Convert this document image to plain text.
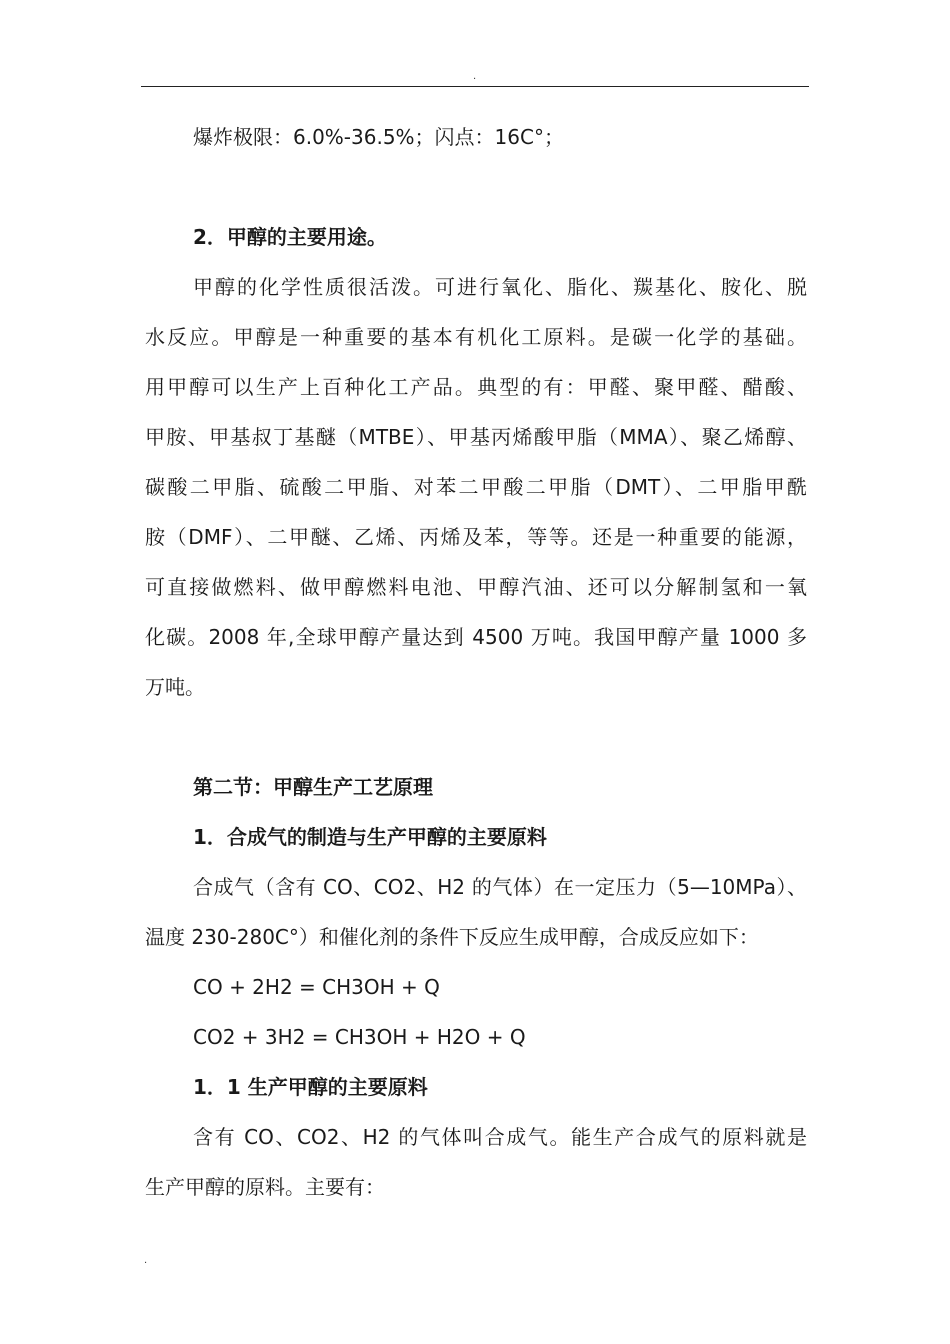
.
爆炸极限：6.0%-36.5%；闪点：16C°；
2．甲醇的主要用途。
甲醇的化学性质很活泼。可进行氧化、脂化、羰基化、胺化、脱
水反应。甲醇是一种重要的基本有机化工原料。是碳一化学的基础。
用甲醇可以生产上百种化工产品。典型的有：甲醛、聚甲醛、醋酸、
甲胺、甲基叔丁基醚（MTBE）、甲基丙烯酸甲脂（MMA）、聚乙烯醇、
碳酸二甲脂、硫酸二甲脂、对苯二甲酸二甲脂（DMT）、二甲脂甲酰
胺（DMF）、二甲醚、乙烯、丙烯及苯，等等。还是一种重要的能源，
可直接做燃料、做甲醇燃料电池、甲醇汽油、还可以分解制氢和一氧
化碳。2008 年,全球甲醇产量达到 4500 万吨。我国甲醇产量 1000 多
万吨。
第二节：甲醇生产工艺原理
1．合成气的制造与生产甲醇的主要原料
合成气（含有 CO、CO2、H2 的气体）在一定压力（5—10MPa）、
温度 230-280C°）和催化剂的条件下反应生成甲醇，合成反应如下：
CO + 2H2 = CH3OH + Q
CO2 + 3H2 = CH3OH + H2O + Q
1．1 生产甲醇的主要原料
含有 CO、CO2、H2 的气体叫合成气。能生产合成气的原料就是
生产甲醇的原料。主要有：
.
